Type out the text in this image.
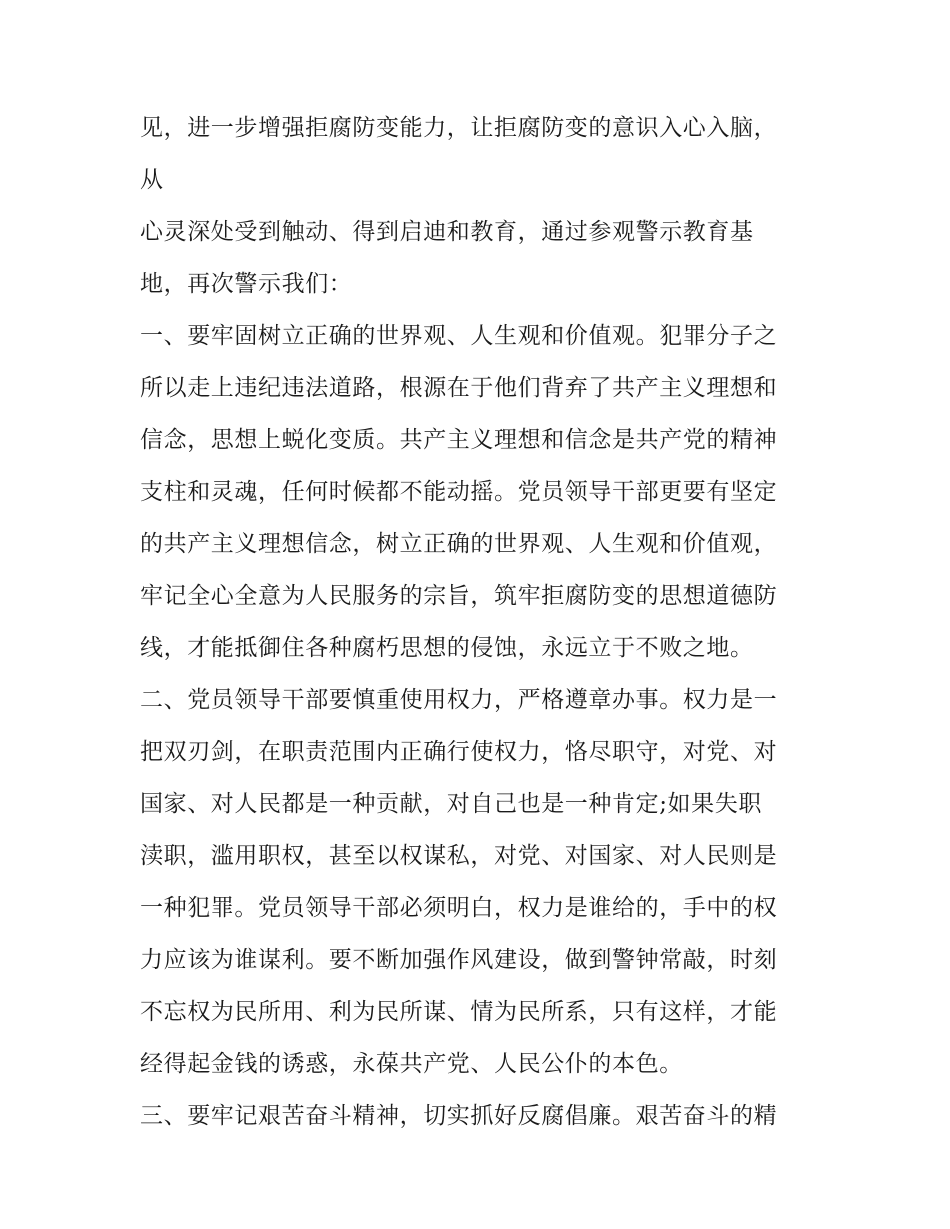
见，进一步增强拒腐防变能力，让拒腐防变的意识入心入脑，

从

心灵深处受到触动、得到启迪和教育，通过参观警示教育基

地，再次警示我们：

一、要牢固树立正确的世界观、人生观和价值观。犯罪分子之

所以走上违纪违法道路，根源在于他们背弃了共产主义理想和

信念，思想上蜕化变质。共产主义理想和信念是共产党的精神

支柱和灵魂，任何时候都不能动摇。党员领导干部更要有坚定

的共产主义理想信念，树立正确的世界观、人生观和价值观，

牢记全心全意为人民服务的宗旨，筑牢拒腐防变的思想道德防

线，才能抵御住各种腐朽思想的侵蚀，永远立于不败之地。

二、党员领导干部要慎重使用权力，严格遵章办事。权力是一

把双刃剑，在职责范围内正确行使权力，恪尽职守，对党、对

国家、对人民都是一种贡献，对自己也是一种肯定;如果失职

渎职，滥用职权，甚至以权谋私，对党、对国家、对人民则是

一种犯罪。党员领导干部必须明白，权力是谁给的，手中的权

力应该为谁谋利。要不断加强作风建设，做到警钟常敲，时刻

不忘权为民所用、利为民所谋、情为民所系，只有这样，才能

经得起金钱的诱惑，永葆共产党、人民公仆的本色。

三、要牢记艰苦奋斗精神，切实抓好反腐倡廉。艰苦奋斗的精
